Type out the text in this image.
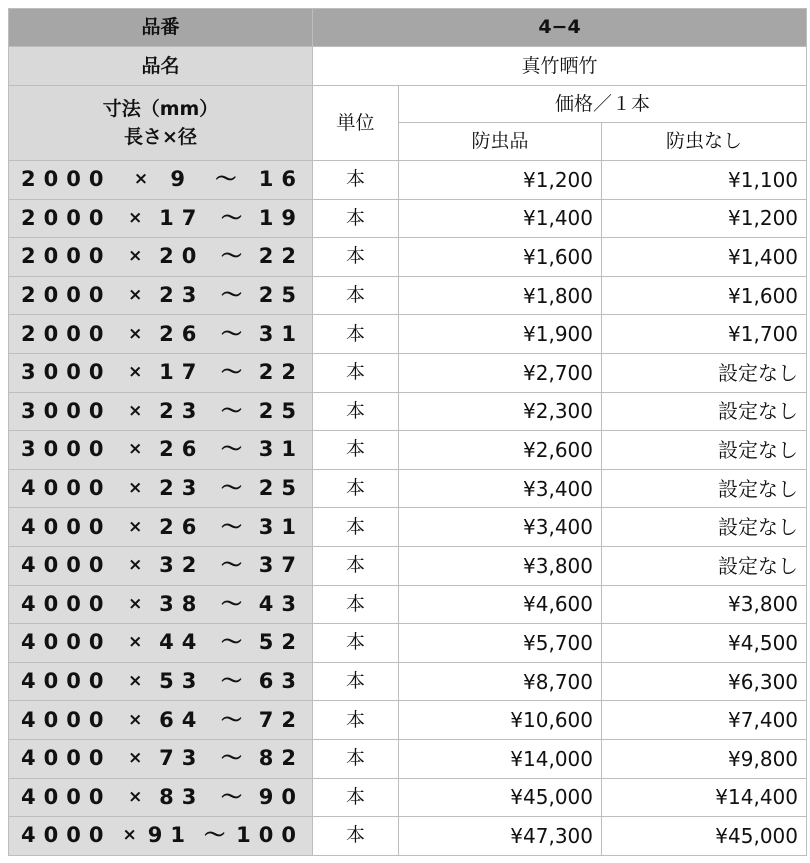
品番	4−4		
品名	真竹晒竹		

寸法（mm）
長さ×径	単位	価格／１本	
		防虫品	防虫なし

2000 × 9 〜 16	本	¥1,200	¥1,100

2000 × 17 〜 19	本	¥1,400	¥1,200

2000 × 20 〜 22	本	¥1,600	¥1,400

2000 × 23 〜 25	本	¥1,800	¥1,600

2000 × 26 〜 31	本	¥1,900	¥1,700

3000 × 17 〜 22	本	¥2,700	設定なし

3000 × 23 〜 25	本	¥2,300	設定なし

3000 × 26 〜 31	本	¥2,600	設定なし

4000 × 23 〜 25	本	¥3,400	設定なし

4000 × 26 〜 31	本	¥3,400	設定なし

4000 × 32 〜 37	本	¥3,800	設定なし

4000 × 38 〜 43	本	¥4,600	¥3,800

4000 × 44 〜 52	本	¥5,700	¥4,500

4000 × 53 〜 63	本	¥8,700	¥6,300

4000 × 64 〜 72	本	¥10,600	¥7,400

4000 × 73 〜 82	本	¥14,000	¥9,800

4000 × 83 〜 90	本	¥45,000	¥14,400

4000 × 91 〜 100	本	¥47,300	¥45,000
